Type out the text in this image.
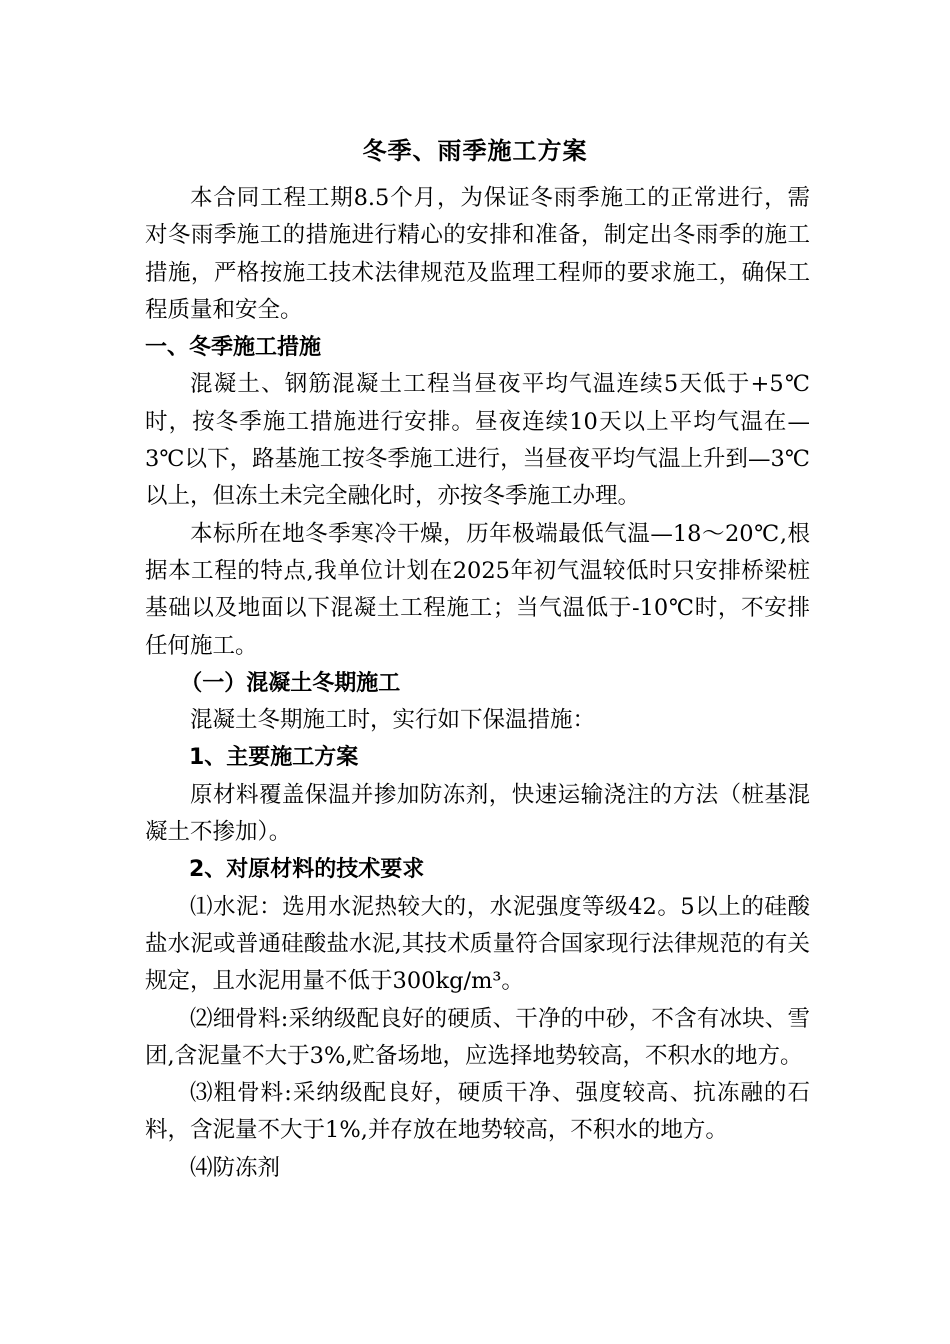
冬季、雨季施工方案

本合同工程工期8.5个月，为保证冬雨季施工的正常进行，需对冬雨季施工的措施进行精心的安排和准备，制定出冬雨季的施工措施，严格按施工技术法律规范及监理工程师的要求施工，确保工程质量和安全。

一、冬季施工措施

混凝土、钢筋混凝土工程当昼夜平均气温连续5天低于+5℃时，按冬季施工措施进行安排。昼夜连续10天以上平均气温在—3℃以下，路基施工按冬季施工进行，当昼夜平均气温上升到—3℃以上，但冻土未完全融化时，亦按冬季施工办理。

本标所在地冬季寒冷干燥，历年极端最低气温—18～20℃,根据本工程的特点,我单位计划在2025年初气温较低时只安排桥梁桩基础以及地面以下混凝土工程施工；当气温低于-10℃时，不安排任何施工。

（一）混凝土冬期施工

混凝土冬期施工时，实行如下保温措施：

1、主要施工方案

原材料覆盖保温并掺加防冻剂，快速运输浇注的方法（桩基混凝土不掺加）。

2、对原材料的技术要求

⑴水泥：选用水泥热较大的，水泥强度等级42。5以上的硅酸盐水泥或普通硅酸盐水泥,其技术质量符合国家现行法律规范的有关规定，且水泥用量不低于300kg/m³。

⑵细骨料:采纳级配良好的硬质、干净的中砂，不含有冰块、雪团,含泥量不大于3%,贮备场地，应选择地势较高，不积水的地方。

⑶粗骨料:采纳级配良好，硬质干净、强度较高、抗冻融的石料，含泥量不大于1%,并存放在地势较高，不积水的地方。

⑷防冻剂
